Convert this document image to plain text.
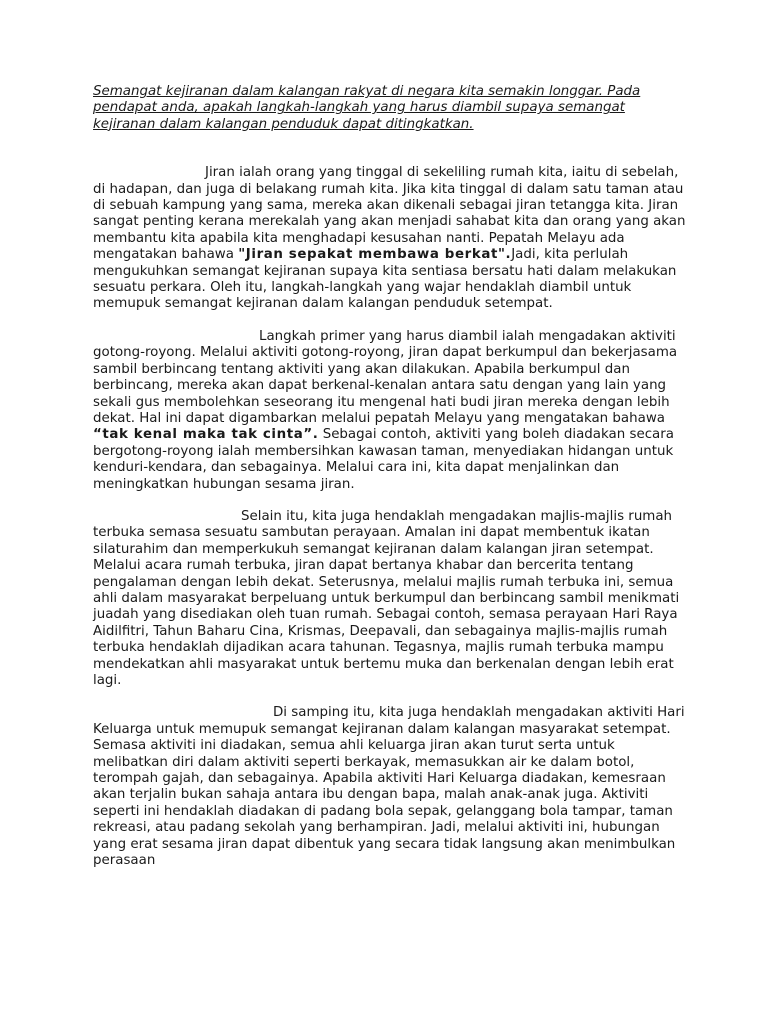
Semangat kejiranan dalam kalangan rakyat di negara kita semakin longgar. Pada pendapat anda, apakah langkah-langkah yang harus diambil supaya semangat kejiranan dalam kalangan penduduk dapat ditingkatkan.

Jiran ialah orang yang tinggal di sekeliling rumah kita, iaitu di sebelah, di hadapan, dan juga di belakang rumah kita. Jika kita tinggal di dalam satu taman atau di sebuah kampung yang sama, mereka akan dikenali sebagai jiran tetangga kita. Jiran sangat penting kerana merekalah yang akan menjadi sahabat kita dan orang yang akan membantu kita apabila kita menghadapi kesusahan nanti. Pepatah Melayu ada mengatakan bahawa "Jiran sepakat membawa berkat".Jadi, kita perlulah mengukuhkan semangat kejiranan supaya kita sentiasa bersatu hati dalam melakukan sesuatu perkara. Oleh itu, langkah-langkah yang wajar hendaklah diambil untuk memupuk semangat kejiranan dalam kalangan penduduk setempat.

Langkah primer yang harus diambil ialah mengadakan aktiviti gotong-royong. Melalui aktiviti gotong-royong, jiran dapat berkumpul dan bekerjasama sambil berbincang tentang aktiviti yang akan dilakukan. Apabila berkumpul dan berbincang, mereka akan dapat berkenal-kenalan antara satu dengan yang lain yang sekali gus membolehkan seseorang itu mengenal hati budi jiran mereka dengan lebih dekat. Hal ini dapat digambarkan melalui pepatah Melayu yang mengatakan bahawa “tak kenal maka tak cinta”. Sebagai contoh, aktiviti yang boleh diadakan secara bergotong-royong ialah membersihkan kawasan taman, menyediakan hidangan untuk kenduri-kendara, dan sebagainya. Melalui cara ini, kita dapat menjalinkan dan meningkatkan hubungan sesama jiran.

Selain itu, kita juga hendaklah mengadakan majlis-majlis rumah terbuka semasa sesuatu sambutan perayaan. Amalan ini dapat membentuk ikatan silaturahim dan memperkukuh semangat kejiranan dalam kalangan jiran setempat. Melalui acara rumah terbuka, jiran dapat bertanya khabar dan bercerita tentang pengalaman dengan lebih dekat. Seterusnya, melalui majlis rumah terbuka ini, semua ahli dalam masyarakat berpeluang untuk berkumpul dan berbincang sambil menikmati juadah yang disediakan oleh tuan rumah. Sebagai contoh, semasa perayaan Hari Raya Aidilfitri, Tahun Baharu Cina, Krismas, Deepavali, dan sebagainya majlis-majlis rumah terbuka hendaklah dijadikan acara tahunan. Tegasnya, majlis rumah terbuka mampu mendekatkan ahli masyarakat untuk bertemu muka dan berkenalan dengan lebih erat lagi.

Di samping itu, kita juga hendaklah mengadakan aktiviti Hari Keluarga untuk memupuk semangat kejiranan dalam kalangan masyarakat setempat. Semasa aktiviti ini diadakan, semua ahli keluarga jiran akan turut serta untuk melibatkan diri dalam aktiviti seperti berkayak, memasukkan air ke dalam botol, terompah gajah, dan sebagainya. Apabila aktiviti Hari Keluarga diadakan, kemesraan akan terjalin bukan sahaja antara ibu dengan bapa, malah anak-anak juga. Aktiviti seperti ini hendaklah diadakan di padang bola sepak, gelanggang bola tampar, taman rekreasi, atau padang sekolah yang berhampiran. Jadi, melalui aktiviti ini, hubungan yang erat sesama jiran dapat dibentuk yang secara tidak langsung akan menimbulkan perasaan
